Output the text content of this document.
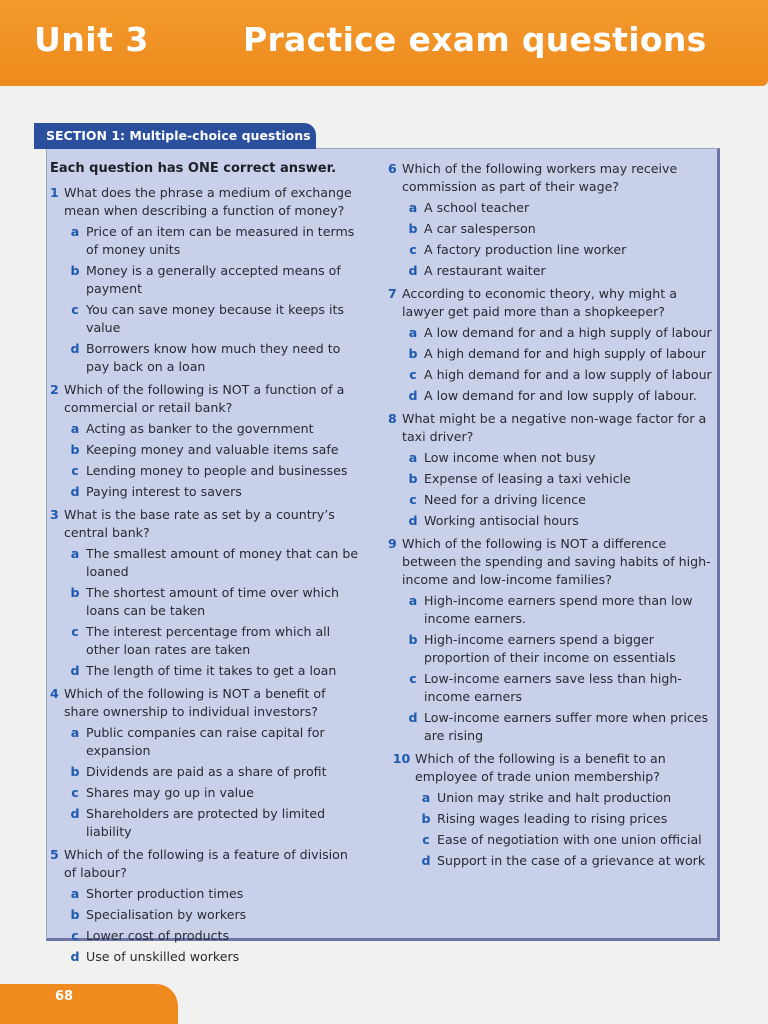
Unit 3	Practice exam questions
SECTION 1: Multiple-choice questions
Each question has ONE correct answer.
1 What does the phrase a medium of exchange mean when describing a function of money?
a Price of an item can be measured in terms of money units
b Money is a generally accepted means of payment
c You can save money because it keeps its value
d Borrowers know how much they need to pay back on a loan
2 Which of the following is NOT a function of a commercial or retail bank?
a Acting as banker to the government
b Keeping money and valuable items safe
c Lending money to people and businesses
d Paying interest to savers
3 What is the base rate as set by a country’s central bank?
a The smallest amount of money that can be loaned
b The shortest amount of time over which loans can be taken
c The interest percentage from which all other loan rates are taken
d The length of time it takes to get a loan
4 Which of the following is NOT a benefit of share ownership to individual investors?
a Public companies can raise capital for expansion
b Dividends are paid as a share of profit
c Shares may go up in value
d Shareholders are protected by limited liability
5 Which of the following is a feature of division of labour?
a Shorter production times
b Specialisation by workers
c Lower cost of products
d Use of unskilled workers
6 Which of the following workers may receive commission as part of their wage?
a A school teacher
b A car salesperson
c A factory production line worker
d A restaurant waiter
7 According to economic theory, why might a lawyer get paid more than a shopkeeper?
a A low demand for and a high supply of labour
b A high demand for and high supply of labour
c A high demand for and a low supply of labour
d A low demand for and low supply of labour.
8 What might be a negative non-wage factor for a taxi driver?
a Low income when not busy
b Expense of leasing a taxi vehicle
c Need for a driving licence
d Working antisocial hours
9 Which of the following is NOT a difference between the spending and saving habits of high-income and low-income families?
a High-income earners spend more than low income earners.
b High-income earners spend a bigger proportion of their income on essentials
c Low-income earners save less than high-income earners
d Low-income earners suffer more when prices are rising
10 Which of the following is a benefit to an employee of trade union membership?
a Union may strike and halt production
b Rising wages leading to rising prices
c Ease of negotiation with one union official
d Support in the case of a grievance at work
68
